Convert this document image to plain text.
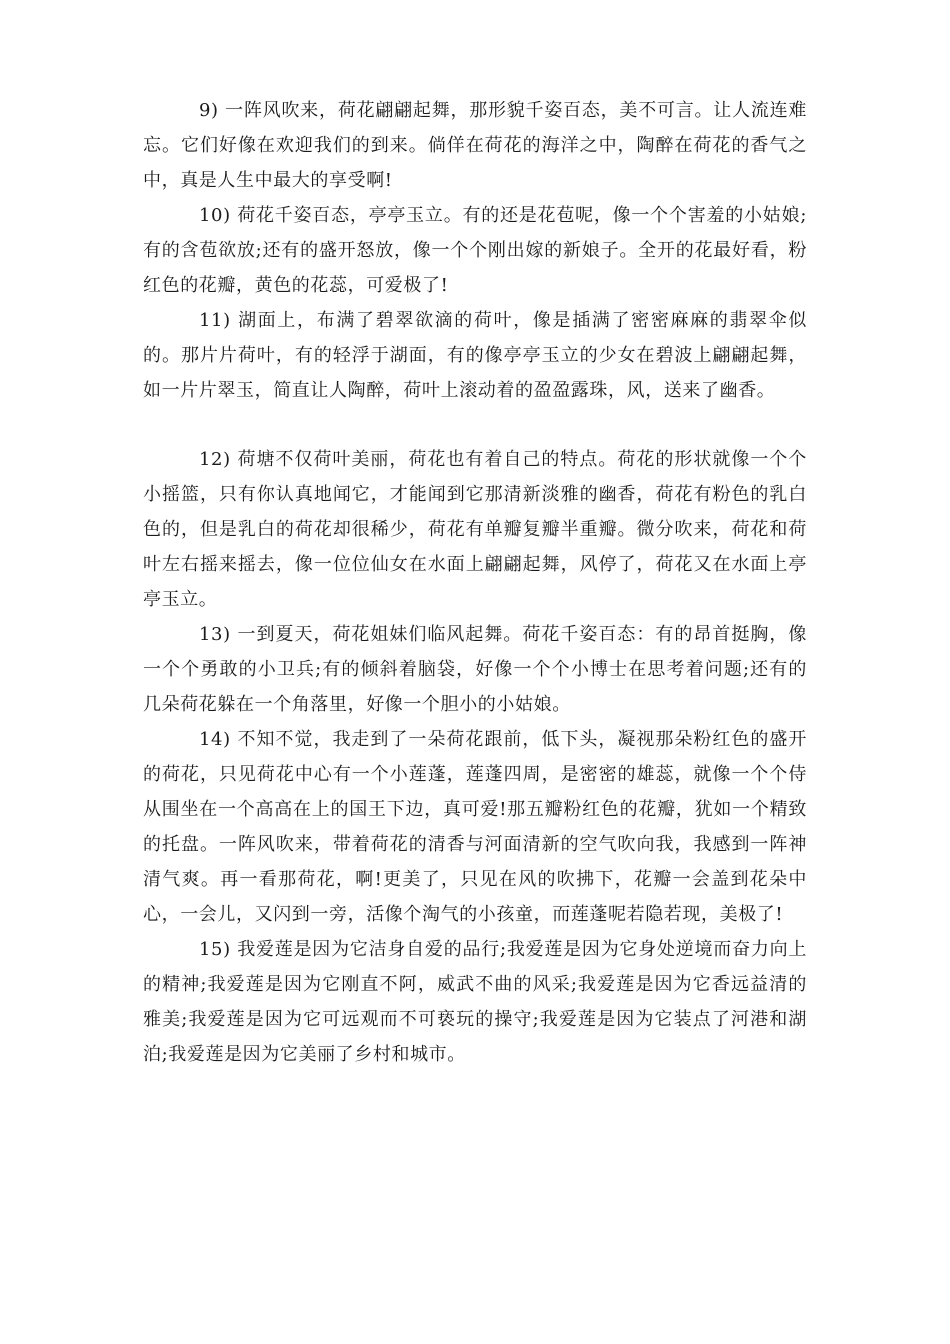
9) 一阵风吹来，荷花翩翩起舞，那形貌千姿百态，美不可言。让人流连难忘。它们好像在欢迎我们的到来。倘佯在荷花的海洋之中，陶醉在荷花的香气之中，真是人生中最大的享受啊!

10) 荷花千姿百态，亭亭玉立。有的还是花苞呢，像一个个害羞的小姑娘;有的含苞欲放;还有的盛开怒放，像一个个刚出嫁的新娘子。全开的花最好看，粉红色的花瓣，黄色的花蕊，可爱极了!

11) 湖面上，布满了碧翠欲滴的荷叶，像是插满了密密麻麻的翡翠伞似的。那片片荷叶，有的轻浮于湖面，有的像亭亭玉立的少女在碧波上翩翩起舞，如一片片翠玉，简直让人陶醉，荷叶上滚动着的盈盈露珠，风，送来了幽香。

12) 荷塘不仅荷叶美丽，荷花也有着自己的特点。荷花的形状就像一个个小摇篮，只有你认真地闻它，才能闻到它那清新淡雅的幽香，荷花有粉色的乳白色的，但是乳白的荷花却很稀少，荷花有单瓣复瓣半重瓣。微分吹来，荷花和荷叶左右摇来摇去，像一位位仙女在水面上翩翩起舞，风停了，荷花又在水面上亭亭玉立。

13) 一到夏天，荷花姐妹们临风起舞。荷花千姿百态：有的昂首挺胸，像一个个勇敢的小卫兵;有的倾斜着脑袋，好像一个个小博士在思考着问题;还有的几朵荷花躲在一个角落里，好像一个胆小的小姑娘。

14) 不知不觉，我走到了一朵荷花跟前，低下头，凝视那朵粉红色的盛开的荷花，只见荷花中心有一个小莲蓬，莲蓬四周，是密密的雄蕊，就像一个个侍从围坐在一个高高在上的国王下边，真可爱!那五瓣粉红色的花瓣，犹如一个精致的托盘。一阵风吹来，带着荷花的清香与河面清新的空气吹向我，我感到一阵神清气爽。再一看那荷花，啊!更美了，只见在风的吹拂下，花瓣一会盖到花朵中心，一会儿，又闪到一旁，活像个淘气的小孩童，而莲蓬呢若隐若现，美极了!

15) 我爱莲是因为它洁身自爱的品行;我爱莲是因为它身处逆境而奋力向上的精神;我爱莲是因为它刚直不阿，威武不曲的风采;我爱莲是因为它香远益清的雅美;我爱莲是因为它可远观而不可亵玩的操守;我爱莲是因为它装点了河港和湖泊;我爱莲是因为它美丽了乡村和城市。
